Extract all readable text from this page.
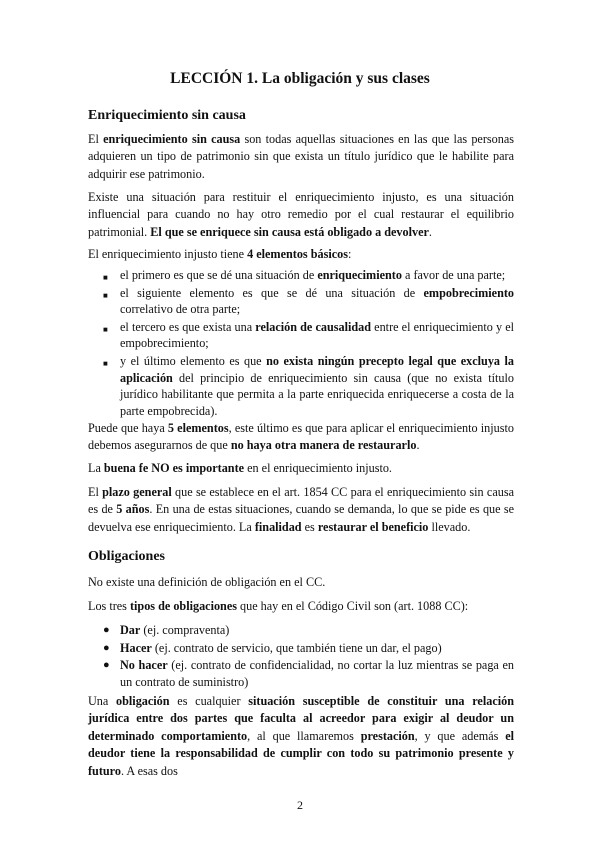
LECCIÓN 1. La obligación y sus clases
Enriquecimiento sin causa
El enriquecimiento sin causa son todas aquellas situaciones en las que las personas adquieren un tipo de patrimonio sin que exista un título jurídico que le habilite para adquirir ese patrimonio.
Existe una situación para restituir el enriquecimiento injusto, es una situación influencial para cuando no hay otro remedio por el cual restaurar el equilibrio patrimonial. El que se enriquece sin causa está obligado a devolver.
El enriquecimiento injusto tiene 4 elementos básicos:
■ el primero es que se dé una situación de enriquecimiento a favor de una parte;
■ el siguiente elemento es que se dé una situación de empobrecimiento correlativo de otra parte;
■ el tercero es que exista una relación de causalidad entre el enriquecimiento y el empobrecimiento;
■ y el último elemento es que no exista ningún precepto legal que excluya la aplicación del principio de enriquecimiento sin causa (que no exista título jurídico habilitante que permita a la parte enriquecida enriquecerse a costa de la parte empobrecida).
Puede que haya 5 elementos, este último es que para aplicar el enriquecimiento injusto debemos asegurarnos de que no haya otra manera de restaurarlo.
La buena fe NO es importante en el enriquecimiento injusto.
El plazo general que se establece en el art. 1854 CC para el enriquecimiento sin causa es de 5 años. En una de estas situaciones, cuando se demanda, lo que se pide es que se devuelva ese enriquecimiento. La finalidad es restaurar el beneficio llevado.
Obligaciones
No existe una definición de obligación en el CC.
Los tres tipos de obligaciones que hay en el Código Civil son (art. 1088 CC):
● Dar (ej. compraventa)
● Hacer (ej. contrato de servicio, que también tiene un dar, el pago)
● No hacer (ej. contrato de confidencialidad, no cortar la luz mientras se paga en un contrato de suministro)
Una obligación es cualquier situación susceptible de constituir una relación jurídica entre dos partes que faculta al acreedor para exigir al deudor un determinado comportamiento, al que llamaremos prestación, y que además el deudor tiene la responsabilidad de cumplir con todo su patrimonio presente y futuro. A esas dos
2
